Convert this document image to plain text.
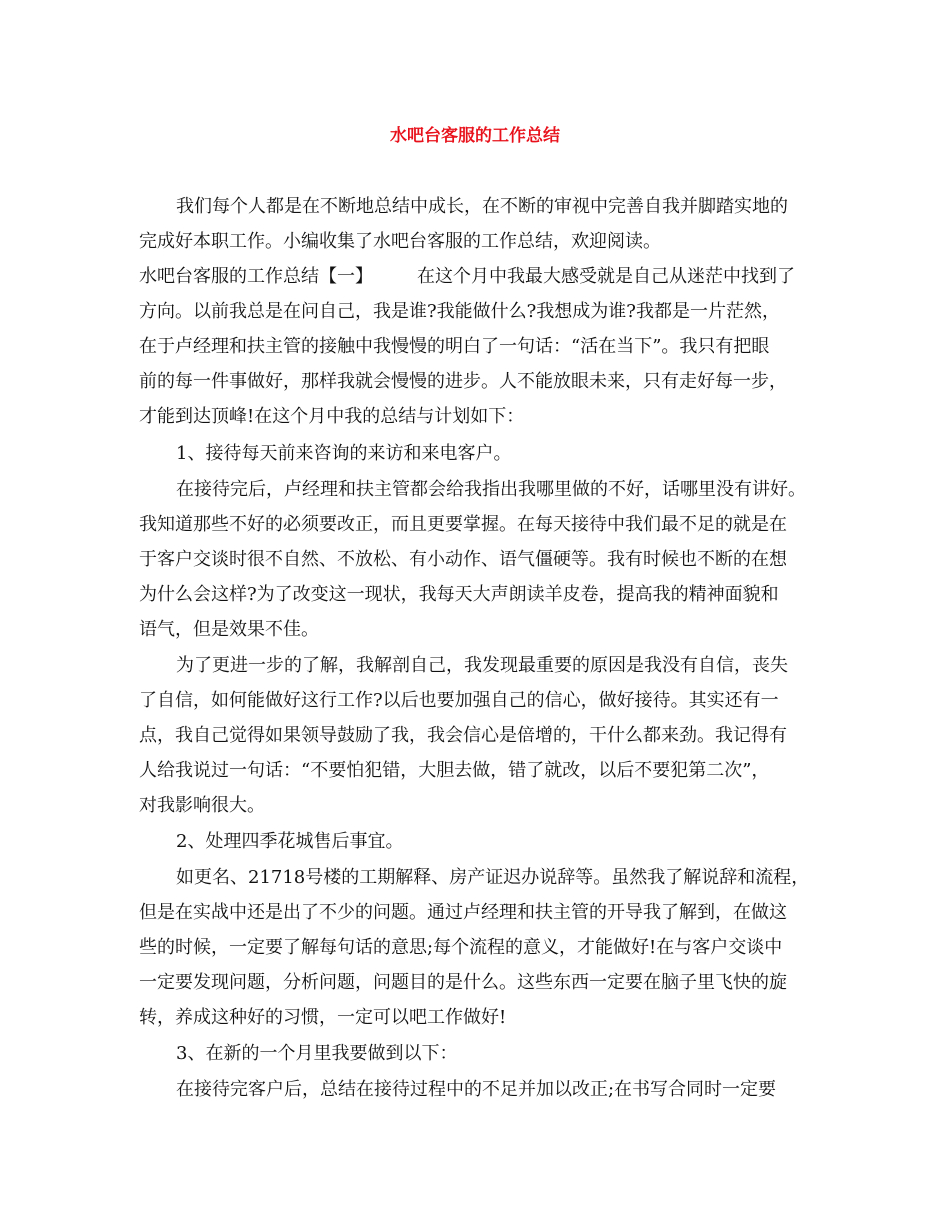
水吧台客服的工作总结
我们每个人都是在不断地总结中成长，在不断的审视中完善自我并脚踏实地的
完成好本职工作。小编收集了水吧台客服的工作总结，欢迎阅读。
水吧台客服的工作总结【一】 在这个月中我最大感受就是自己从迷茫中找到了
方向。以前我总是在问自己，我是谁?我能做什么?我想成为谁?我都是一片茫然，
在于卢经理和扶主管的接触中我慢慢的明白了一句话：“活在当下”。我只有把眼
前的每一件事做好，那样我就会慢慢的进步。人不能放眼未来，只有走好每一步，
才能到达顶峰!在这个月中我的总结与计划如下：
1、接待每天前来咨询的来访和来电客户。
在接待完后，卢经理和扶主管都会给我指出我哪里做的不好，话哪里没有讲好。
我知道那些不好的必须要改正，而且更要掌握。在每天接待中我们最不足的就是在
于客户交谈时很不自然、不放松、有小动作、语气僵硬等。我有时候也不断的在想
为什么会这样?为了改变这一现状，我每天大声朗读羊皮卷，提高我的精神面貌和
语气，但是效果不佳。
为了更进一步的了解，我解剖自己，我发现最重要的原因是我没有自信，丧失
了自信，如何能做好这行工作?以后也要加强自己的信心，做好接待。其实还有一
点，我自己觉得如果领导鼓励了我，我会信心是倍增的，干什么都来劲。我记得有
人给我说过一句话：“不要怕犯错，大胆去做，错了就改，以后不要犯第二次”，
对我影响很大。
2、处理四季花城售后事宜。
如更名、21718号楼的工期解释、房产证迟办说辞等。虽然我了解说辞和流程，
但是在实战中还是出了不少的问题。通过卢经理和扶主管的开导我了解到，在做这
些的时候，一定要了解每句话的意思;每个流程的意义，才能做好!在与客户交谈中
一定要发现问题，分析问题，问题目的是什么。这些东西一定要在脑子里飞快的旋
转，养成这种好的习惯，一定可以吧工作做好!
3、在新的一个月里我要做到以下：
在接待完客户后，总结在接待过程中的不足并加以改正;在书写合同时一定要
